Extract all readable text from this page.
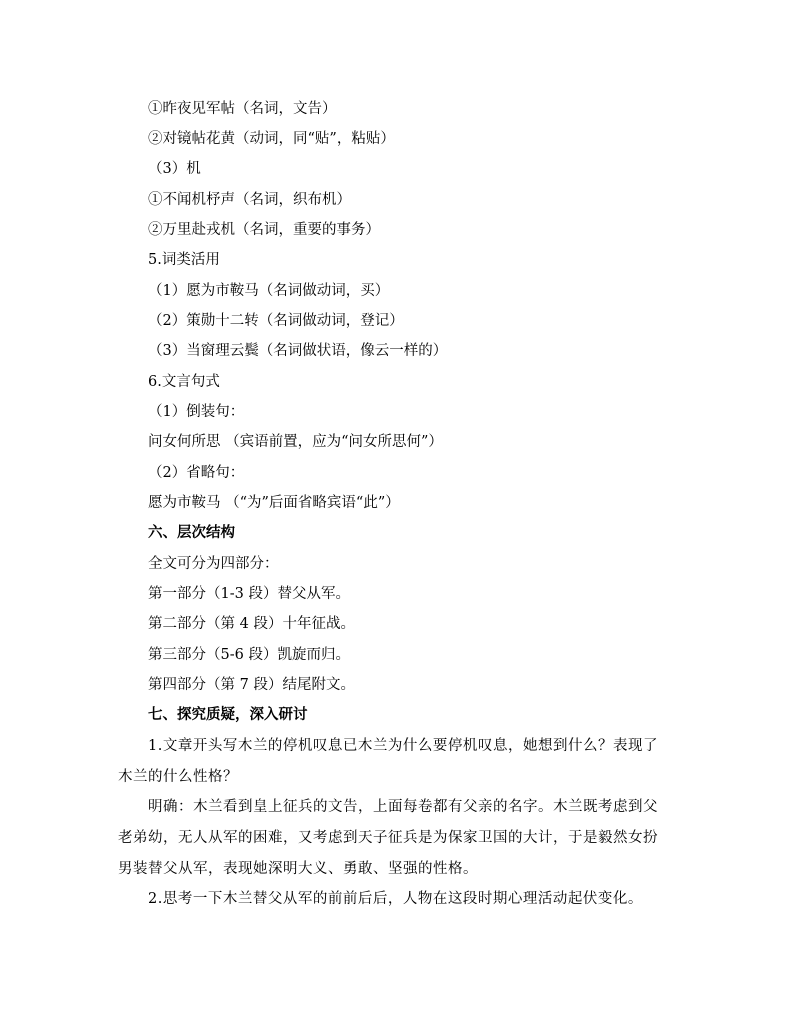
①昨夜见军帖（名词，文告）
②对镜帖花黄（动词，同“贴”，粘贴）
（3）机
①不闻机杼声（名词，织布机）
②万里赴戎机（名词，重要的事务）
5.词类活用
（1）愿为市鞍马（名词做动词，买）
（2）策勋十二转（名词做动词，登记）
（3）当窗理云鬓（名词做状语，像云一样的）
6.文言句式
（1）倒装句：
问女何所思 （宾语前置，应为“问女所思何”）
（2）省略句：
愿为市鞍马 （“为”后面省略宾语“此”）
六、层次结构
全文可分为四部分：
第一部分（1-3 段）替父从军。
第二部分（第 4 段）十年征战。
第三部分（5-6 段）凯旋而归。
第四部分（第 7 段）结尾附文。
七、探究质疑，深入研讨
1.文章开头写木兰的停机叹息已木兰为什么要停机叹息，她想到什么？表现了木兰的什么性格？
明确：木兰看到皇上征兵的文告，上面每卷都有父亲的名字。木兰既考虑到父老弟幼，无人从军的困难，又考虑到天子征兵是为保家卫国的大计，于是毅然女扮男装替父从军，表现她深明大义、勇敢、坚强的性格。
2.思考一下木兰替父从军的前前后后，人物在这段时期心理活动起伏变化。
